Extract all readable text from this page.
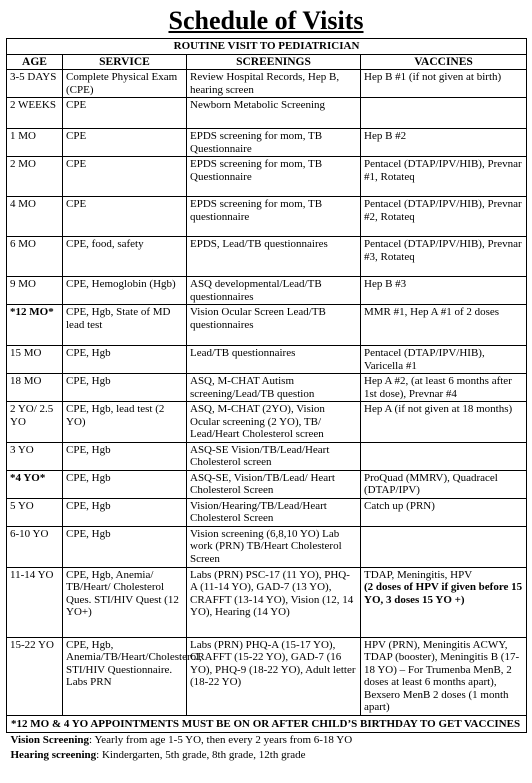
Schedule of Visits
ROUTINE VISIT TO PEDIATRICIAN			
AGE	SERVICE	SCREENINGS	VACCINES
3-5 DAYS	Complete Physical Exam (CPE)	Review Hospital Records, Hep B, hearing screen	Hep B #1 (if not given at birth)
2 WEEKS	CPE	Newborn Metabolic Screening	
1 MO	CPE	EPDS screening for mom, TB Questionnaire	Hep B #2
2 MO	CPE	EPDS screening for mom, TB Questionnaire	Pentacel (DTAP/IPV/HIB), Prevnar #1, Rotateq
4 MO	CPE	EPDS screening for mom, TB questionnaire	Pentacel (DTAP/IPV/HIB), Prevnar #2, Rotateq
6 MO	CPE, food, safety	EPDS, Lead/TB questionnaires	Pentacel (DTAP/IPV/HIB), Prevnar #3, Rotateq
9 MO	CPE, Hemoglobin (Hgb)	ASQ developmental/Lead/TB questionnaires	Hep B #3
*12 MO*	CPE, Hgb, State of MD lead test	Vision Ocular Screen Lead/TB questionnaires	MMR #1, Hep A #1 of 2 doses
15 MO	CPE, Hgb	Lead/TB questionnaires	Pentacel (DTAP/IPV/HIB), Varicella #1
18 MO	CPE, Hgb	ASQ, M-CHAT Autism screening/Lead/TB question	Hep A #2, (at least 6 months after 1st dose), Prevnar #4
2 YO/ 2.5 YO	CPE, Hgb, lead test (2 YO)	ASQ, M-CHAT (2YO), Vision Ocular screening (2 YO), TB/ Lead/Heart Cholesterol screen	Hep A (if not given at 18 months)
3 YO	CPE, Hgb	ASQ-SE Vision/TB/Lead/Heart Cholesterol screen	
*4 YO*	CPE, Hgb	ASQ-SE, Vision/TB/Lead/ Heart Cholesterol Screen	ProQuad (MMRV), Quadracel (DTAP/IPV)
5 YO	CPE, Hgb	Vision/Hearing/TB/Lead/Heart Cholesterol Screen	Catch up (PRN)
6-10 YO	CPE, Hgb	Vision screening (6,8,10 YO) Lab work (PRN) TB/Heart Cholesterol Screen	
11-14 YO	CPE, Hgb, Anemia/ TB/Heart/ Cholesterol Ques. STI/HIV Quest (12 YO+)	Labs (PRN) PSC-17 (11 YO), PHQ-A (11-14 YO), GAD-7 (13 YO), CRAFFT (13-14 YO), Vision (12, 14 YO), Hearing (14 YO)	TDAP, Meningitis, HPV
(2 doses of HPV if given before 15 YO, 3 doses 15 YO +)
15-22 YO	CPE, Hgb, Anemia/TB/Heart/Cholesterol, STI/HIV Questionnaire. Labs PRN	Labs (PRN) PHQ-A (15-17 YO), CRAFFT (15-22 YO), GAD-7 (16 YO), PHQ-9 (18-22 YO), Adult letter (18-22 YO)	HPV (PRN), Meningitis ACWY, TDAP (booster), Meningitis B (17-18 YO) – For Trumenba MenB, 2 doses at least 6 months apart), Bexsero MenB 2 doses (1 month apart)
*12 MO & 4 YO APPOINTMENTS MUST BE ON OR AFTER CHILD’S BIRTHDAY TO GET VACCINES			
Vision Screening: Yearly from age 1-5 YO, then every 2 years from 6-18 YO			
Hearing screening: Kindergarten, 5th grade, 8th grade, 12th grade			
